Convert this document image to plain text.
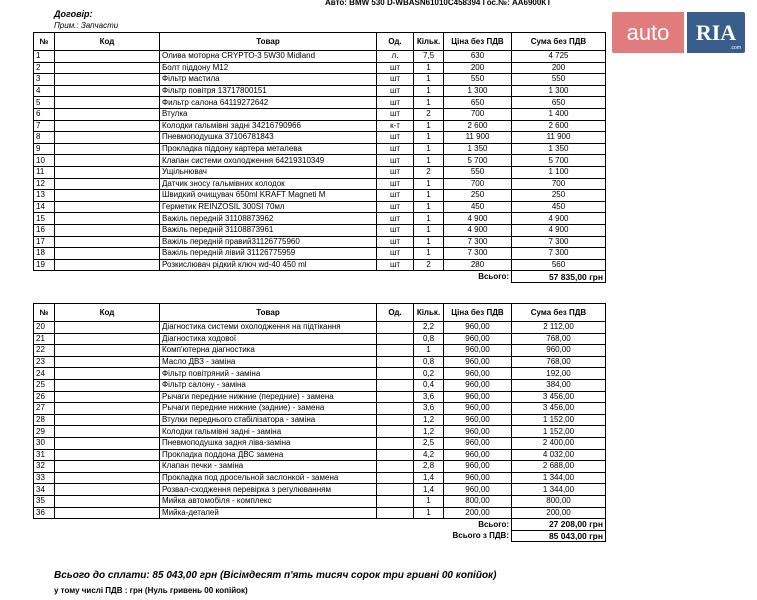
Авто: BMW 530 D-WBASN61010C458394 Гос.№: АА6900КТ
Договір:
Прим.: Запчасти	auto	RIA
.com
№	Код	Товар	Од.	Кільк.	Ціна без ПДВ	Сума без ПДВ
1		Оливa моторна CRYPTO-3 5W30 Midland	л.	7,5	630	4 725
2		Болт піддону М12	шт	1	200	200
3		Фільтр мастила	шт	1	550	550
4		Фільтр повітря 13717800151	шт	1	1 300	1 300
5		Фильтр салона 64119272642	шт	1	650	650
6		Втулка	шт	2	700	1 400
7		Колодки гальмівні задні 34216790966	к-т	1	2 600	2 600
8		Пневмоподушка 37106781843	шт	1	11 900	11 900
9		Прокладка піддону картера металева	шт	1	1 350	1 350
10		Клапан системи охолодження 64219310349	шт	1	5 700	5 700
11		Ущільнювач	шт	2	550	1 100
12		Датчик зносу гальмівних колодок	шт	1	700	700
13		Швидкий очищувач 650ml KRAFT Magneti M	шт	1	250	250
14		Герметик REINZOSIL 300SI 70мл	шт	1	450	450
15		Важіль передній 31108873962	шт	1	4 900	4 900
16		Важіль передній 31108873961	шт	1	4 900	4 900
17		Важіль передній правий31126775960	шт	1	7 300	7 300
18		Важіль передній лівий 31126775959	шт	1	7 300	7 300
19		Розкислювач рідкий ключ wd-40 450 ml	шт	2	280	560
				Всього:		57 835,00 грн
№	Код	Товар	Од.	Кільк.	Ціна без ПДВ	Сума без ПДВ
20		Діагностика системи охолодження на підтікання		2,2	960,00	2 112,00
21		Діагностика ходової		0,8	960,00	768,00
22		Комп'ютерна діагностика		1	960,00	960,00
23		Масло ДВЗ - заміна		0,8	960,00	768,00
24		Фільтр повітряний - заміна		0,2	960,00	192,00
25		Фільтр салону - заміна		0,4	960,00	384,00
26		Рычаги передние нижние (передние) - замена		3,6	960,00	3 456,00
27		Рычаги передние нижние (задние) - замена		3,6	960,00	3 456,00
28		Втулки переднього стабілізатора - заміна		1,2	960,00	1 152,00
29		Колодки гальмівні задні - заміна		1,2	960,00	1 152,00
30		Пневмоподушка задня ліва-заміна		2,5	960,00	2 400,00
31		Прокладка поддона ДВС замена		4,2	960,00	4 032,00
32		Клапан печки - заміна		2,8	960,00	2 688,00
33		Прокладка под дросельной заслонкой - замена		1,4	960,00	1 344,00
34		Розвал-сходження перевірка з регулюванням		1,4	960,00	1 344,00
35		Мийка автомобіля - комплекс		1	800,00	800,00
36		Мийка-деталей		1	200,00	200,00
				Всього:		27 208,00 грн
				Всього з ПДВ:		85 043,00 грн
Всього до сплати: 85 043,00 грн (Вісімдесят п'ять тисяч сорок три гривні 00 копійок)
у тому числі ПДВ : грн (Нуль гривень 00 копійок)
